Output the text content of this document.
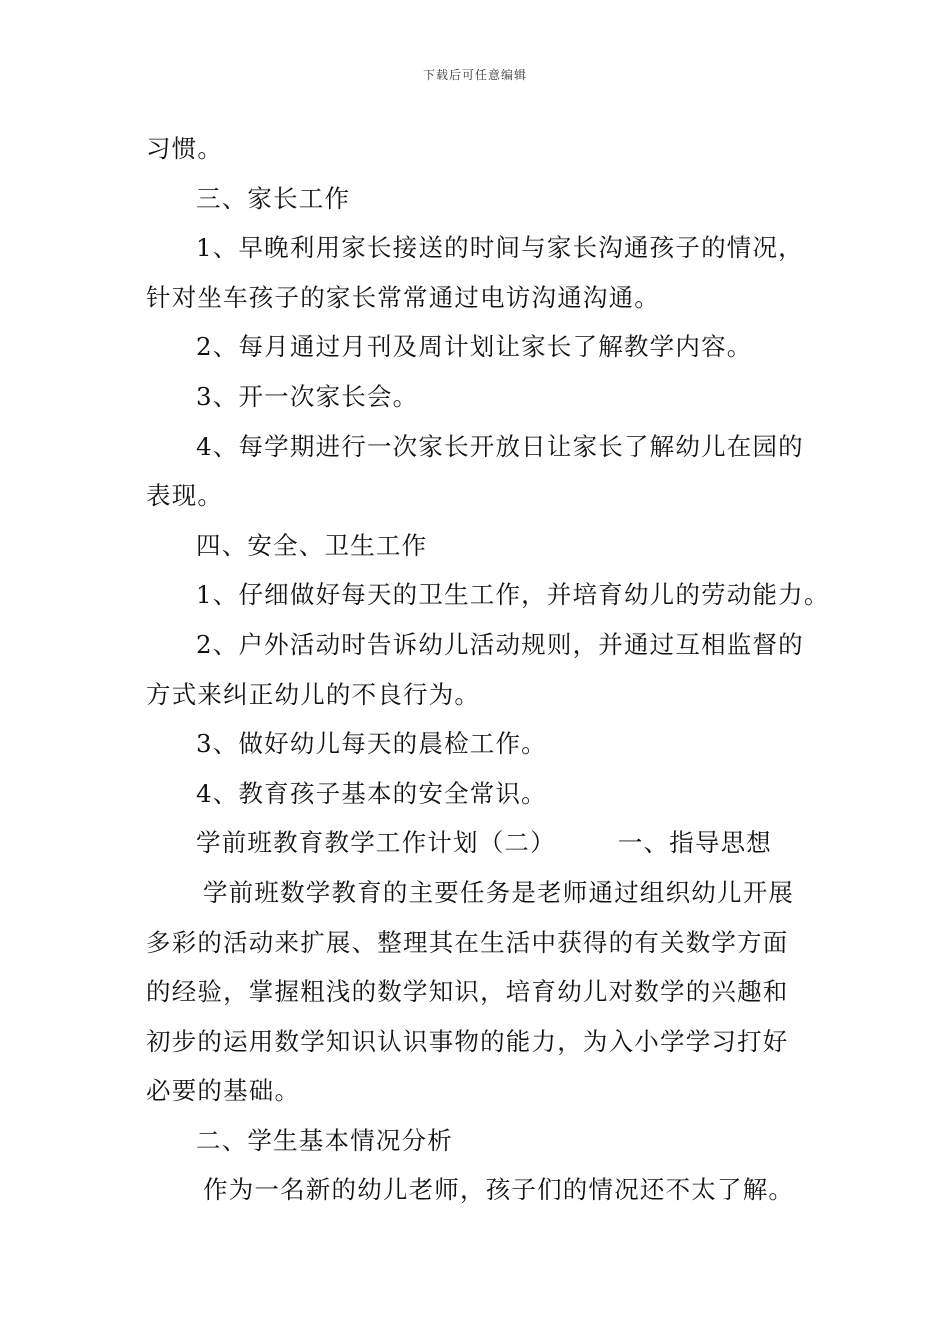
下载后可任意编辑

习惯。

三、家长工作

1、早晚利用家长接送的时间与家长沟通孩子的情况，

针对坐车孩子的家长常常通过电访沟通沟通。

2、每月通过月刊及周计划让家长了解教学内容。

3、开一次家长会。

4、每学期进行一次家长开放日让家长了解幼儿在园的

表现。

四、安全、卫生工作

1、仔细做好每天的卫生工作，并培育幼儿的劳动能力。

2、户外活动时告诉幼儿活动规则，并通过互相监督的

方式来纠正幼儿的不良行为。

3、做好幼儿每天的晨检工作。

4、教育孩子基本的安全常识。

学前班教育教学工作计划（二）	一、指导思想

学前班数学教育的主要任务是老师通过组织幼儿开展

多彩的活动来扩展、整理其在生活中获得的有关数学方面

的经验，掌握粗浅的数学知识，培育幼儿对数学的兴趣和

初步的运用数学知识认识事物的能力，为入小学学习打好

必要的基础。

二、学生基本情况分析

作为一名新的幼儿老师，孩子们的情况还不太了解。
